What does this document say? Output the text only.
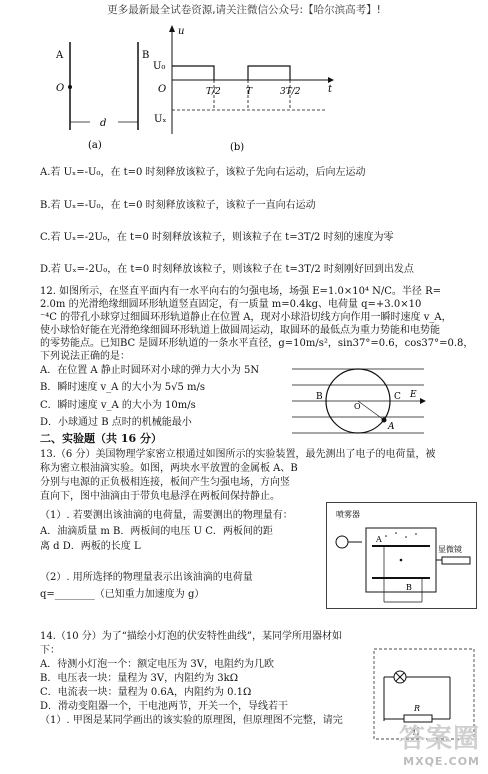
更多最新最全试卷资源,请关注微信公众号:【哈尔滨高考】!
A	B
O
d
(a)
u
U₀
O	T/2	T	3T/2	t
Uₓ
(b)
A.若 Uₓ=-U₀，在 t=0 时刻释放该粒子，该粒子先向右运动，后向左运动
B.若 Uₓ=-U₀，在 t=0 时刻释放该粒子，该粒子一直向右运动
C.若 Uₓ=-2U₀，在 t=0 时刻释放该粒子，则该粒子在 t=3T/2 时刻的速度为零
D.若 Uₓ=-2U₀，在 t=0 时刻释放该粒子，则该粒子在 t=3T/2 时刻刚好回到出发点
12. 如图所示，在竖直平面内有一水平向右的匀强电场，场强 E=1.0×10⁴ N/C。半径 R=
2.0m 的光滑绝缘细圆环形轨道竖直固定，有一质量 m=0.4kg、电荷量 q=+3.0×10
⁻⁴C 的带孔小球穿过细圆环形轨道静止在位置 A，现对小球沿切线方向作用一瞬时速度 v_A，
使小球恰好能在光滑绝缘细圆环形轨道上做圆周运动，取圆环的最低点为重力势能和电势能
的零势能点。已知BC 是圆环形轨道的一条水平直径，g=10m/s²，sin37°=0.6，cos37°=0.8，
下列说法正确的是：
A．在位置 A 静止时圆环对小球的弹力大小为 5N
B．瞬时速度 v_A 的大小为 5√5 m/s
C．瞬时速度 v_A 的大小为 10m/s
D．小球通过 B 点时的机械能最小
B	C E
O
A
二、实验题（共 16 分）
13.（6 分）美国物理学家密立根通过如图所示的实验装置，最先测出了电子的电荷量，被
称为密立根油滴实验。如图，两块水平放置的金属板 A、B
分别与电源的正负极相连接，板间产生匀强电场，方向竖
直向下，图中油滴由于带负电悬浮在两板间保持静止。
（1）. 若要测出该油滴的电荷量，需要测出的物理量有：
A．油滴质量 m B．两板间的电压 U C．两板间的距
离 d D．两板的长度 L
（2）. 用所选择的物理量表示出该油滴的电荷量
q=________（已知重力加速度为 g）
喷雾器
A
B
显微镜
14.（10 分）为了“描绘小灯泡的伏安特性曲线”，某同学所用器材如
下：
A．待测小灯泡一个：额定电压为 3V，电阻约为几欧
B．电压表一块：量程为 3V，内阻约为 3kΩ
C．电流表一块：量程为 0.6A，内阻约为 0.1Ω
D．滑动变阻器一个，干电池两节，开关一个，导线若干
（1）. 甲图是某同学画出的该实验的原理图，但原理图不完整，请完
R
答案圈
MXQE.COM
